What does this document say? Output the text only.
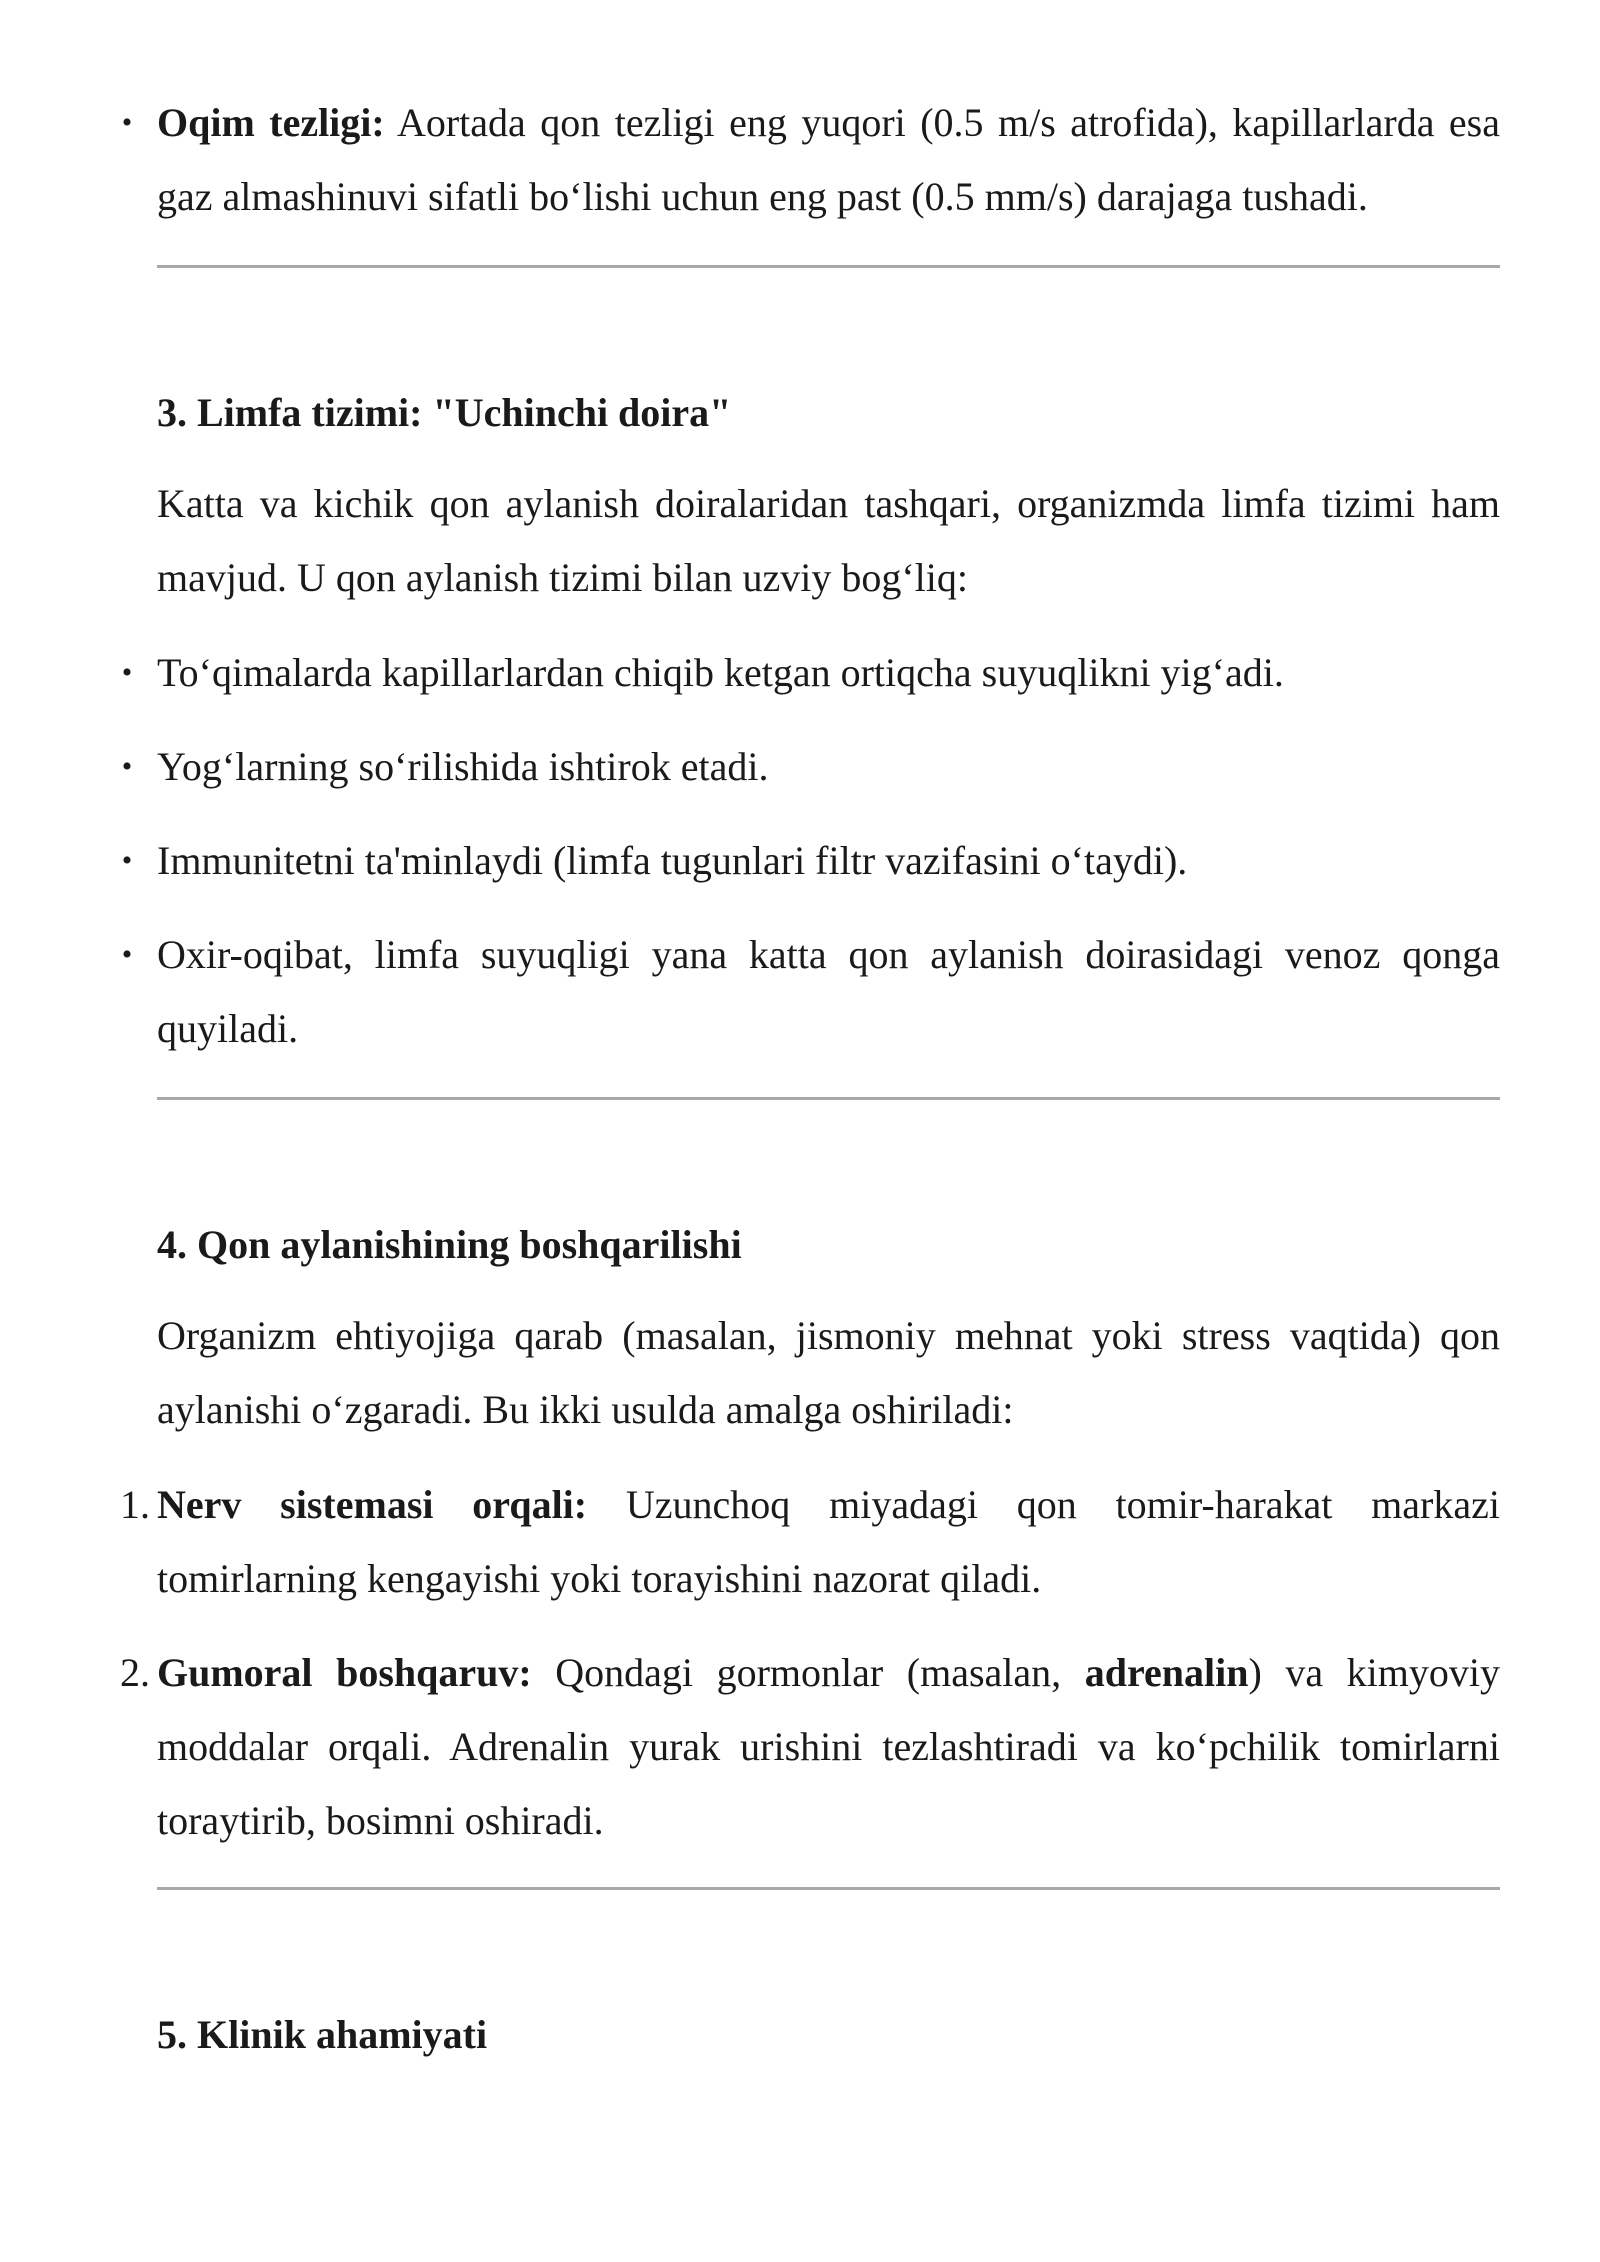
• Oqim tezligi: Aortada qon tezligi eng yuqori (0.5 m/s atrofida), kapillarlarda esa gaz almashinuvi sifatli bo‘lishi uchun eng past (0.5 mm/s) darajaga tushadi.
3. Limfa tizimi: "Uchinchi doira"

Katta va kichik qon aylanish doiralaridan tashqari, organizmda limfa tizimi ham mavjud. U qon aylanish tizimi bilan uzviy bog‘liq:

• To‘qimalarda kapillarlardan chiqib ketgan ortiqcha suyuqlikni yig‘adi.
• Yog‘larning so‘rilishida ishtirok etadi.
• Immunitetni ta'minlaydi (limfa tugunlari filtr vazifasini o‘taydi).
• Oxir-oqibat, limfa suyuqligi yana katta qon aylanish doirasidagi venoz qonga quyiladi.
4. Qon aylanishining boshqarilishi

Organizm ehtiyojiga qarab (masalan, jismoniy mehnat yoki stress vaqtida) qon aylanishi o‘zgaradi. Bu ikki usulda amalga oshiriladi:

1. Nerv sistemasi orqali: Uzunchoq miyadagi qon tomir-harakat markazi tomirlarning kengayishi yoki torayishini nazorat qiladi.
2. Gumoral boshqaruv: Qondagi gormonlar (masalan, adrenalin) va kimyoviy moddalar orqali. Adrenalin yurak urishini tezlashtiradi va ko‘pchilik tomirlarni toraytirib, bosimni oshiradi.
5. Klinik ahamiyati
